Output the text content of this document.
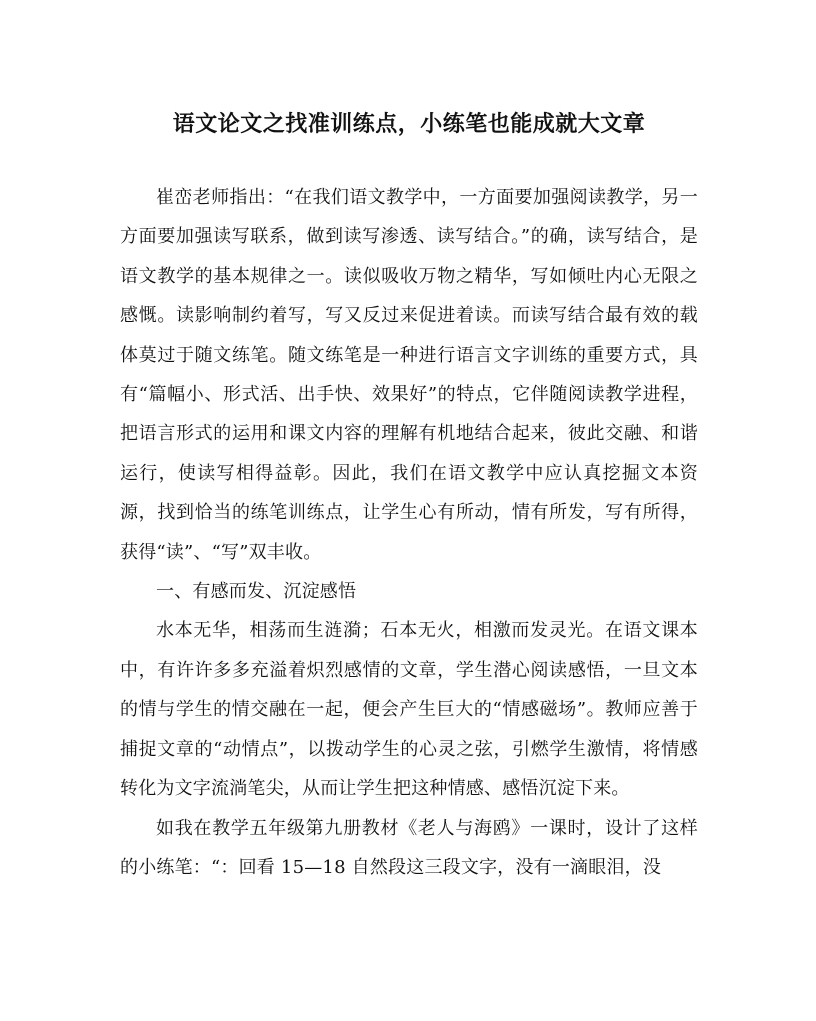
语文论文之找准训练点，小练笔也能成就大文章

崔峦老师指出：“在我们语文教学中，一方面要加强阅读教学，另一方面要加强读写联系，做到读写渗透、读写结合。”的确，读写结合，是语文教学的基本规律之一。读似吸收万物之精华，写如倾吐内心无限之感慨。读影响制约着写，写又反过来促进着读。而读写结合最有效的载体莫过于随文练笔。随文练笔是一种进行语言文字训练的重要方式，具有“篇幅小、形式活、出手快、效果好”的特点，它伴随阅读教学进程，把语言形式的运用和课文内容的理解有机地结合起来，彼此交融、和谐运行，使读写相得益彰。因此，我们在语文教学中应认真挖掘文本资源，找到恰当的练笔训练点，让学生心有所动，情有所发，写有所得，获得“读”、“写”双丰收。

一、有感而发、沉淀感悟

水本无华，相荡而生涟漪；石本无火，相激而发灵光。在语文课本中，有许许多多充溢着炽烈感情的文章，学生潜心阅读感悟，一旦文本的情与学生的情交融在一起，便会产生巨大的“情感磁场”。教师应善于捕捉文章的“动情点”，以拨动学生的心灵之弦，引燃学生激情，将情感转化为文字流淌笔尖，从而让学生把这种情感、感悟沉淀下来。

如我在教学五年级第九册教材《老人与海鸥》一课时，设计了这样的小练笔：“：回看 15—18 自然段这三段文字，没有一滴眼泪，没
